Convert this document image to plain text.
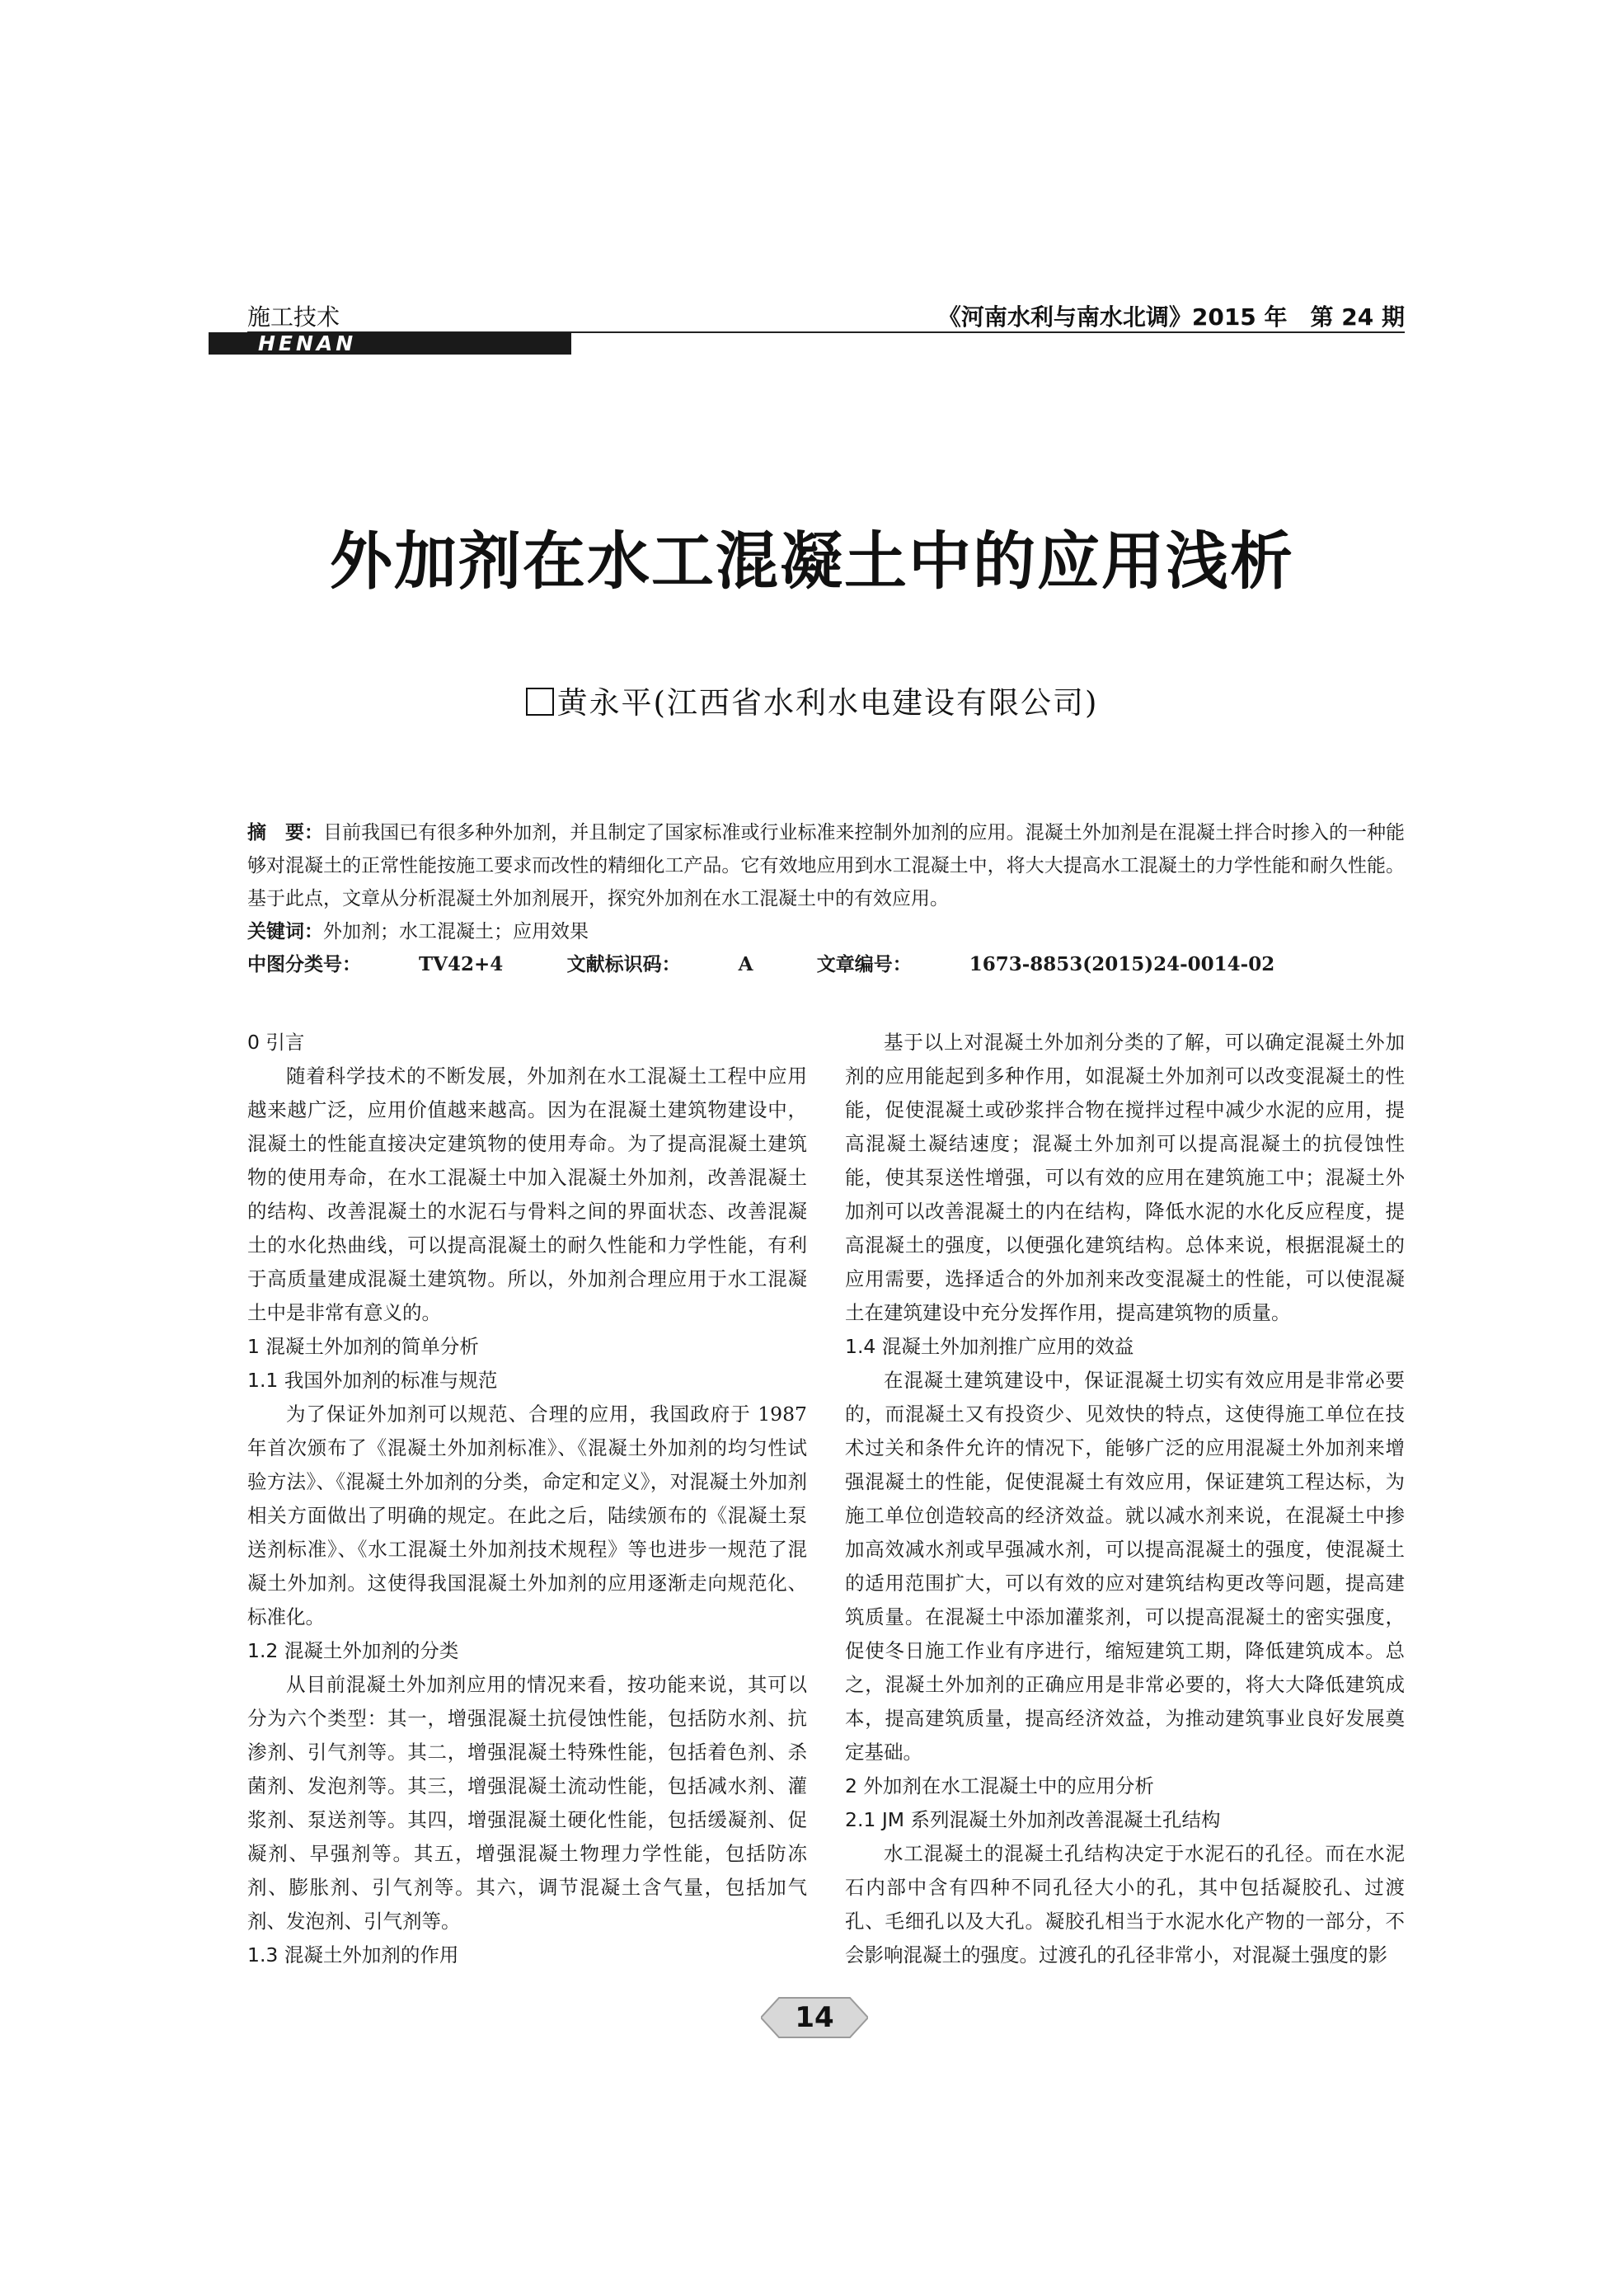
施工技术	《河南水利与南水北调》2015 年　第 24 期
HENAN
外加剂在水工混凝土中的应用浅析
黄永平(江西省水利水电建设有限公司)

摘　要：目前我国已有很多种外加剂，并且制定了国家标准或行业标准来控制外加剂的应用。混凝土外加剂是在混凝土拌合时掺入的一种能够对混凝土的正常性能按施工要求而改性的精细化工产品。它有效地应用到水工混凝土中，将大大提高水工混凝土的力学性能和耐久性能。基于此点，文章从分析混凝土外加剂展开，探究外加剂在水工混凝土中的有效应用。

关键词：外加剂；水工混凝土；应用效果

中图分类号：	TV42+4	文献标识码：	A	文章编号：	1673-8853(2015)24-0014-02

0 引言

随着科学技术的不断发展，外加剂在水工混凝土工程中应用越来越广泛，应用价值越来越高。因为在混凝土建筑物建设中，混凝土的性能直接决定建筑物的使用寿命。为了提高混凝土建筑物的使用寿命，在水工混凝土中加入混凝土外加剂，改善混凝土的结构、改善混凝土的水泥石与骨料之间的界面状态、改善混凝土的水化热曲线，可以提高混凝土的耐久性能和力学性能，有利于高质量建成混凝土建筑物。所以，外加剂合理应用于水工混凝土中是非常有意义的。

1 混凝土外加剂的简单分析
1.1 我国外加剂的标准与规范

为了保证外加剂可以规范、合理的应用，我国政府于 1987 年首次颁布了《混凝土外加剂标准》、《混凝土外加剂的均匀性试验方法》、《混凝土外加剂的分类，命定和定义》，对混凝土外加剂相关方面做出了明确的规定。在此之后，陆续颁布的《混凝土泵送剂标准》、《水工混凝土外加剂技术规程》等也进步一规范了混凝土外加剂。这使得我国混凝土外加剂的应用逐渐走向规范化、标准化。

1.2 混凝土外加剂的分类

从目前混凝土外加剂应用的情况来看，按功能来说，其可以分为六个类型：其一，增强混凝土抗侵蚀性能，包括防水剂、抗渗剂、引气剂等。其二，增强混凝土特殊性能，包括着色剂、杀菌剂、发泡剂等。其三，增强混凝土流动性能，包括减水剂、灌浆剂、泵送剂等。其四，增强混凝土硬化性能，包括缓凝剂、促凝剂、早强剂等。其五，增强混凝土物理力学性能，包括防冻剂、膨胀剂、引气剂等。其六，调节混凝土含气量，包括加气剂、发泡剂、引气剂等。

1.3 混凝土外加剂的作用

基于以上对混凝土外加剂分类的了解，可以确定混凝土外加剂的应用能起到多种作用，如混凝土外加剂可以改变混凝土的性能，促使混凝土或砂浆拌合物在搅拌过程中减少水泥的应用，提高混凝土凝结速度；混凝土外加剂可以提高混凝土的抗侵蚀性能，使其泵送性增强，可以有效的应用在建筑施工中；混凝土外加剂可以改善混凝土的内在结构，降低水泥的水化反应程度，提高混凝土的强度，以便强化建筑结构。总体来说，根据混凝土的应用需要，选择适合的外加剂来改变混凝土的性能，可以使混凝土在建筑建设中充分发挥作用，提高建筑物的质量。

1.4 混凝土外加剂推广应用的效益

在混凝土建筑建设中，保证混凝土切实有效应用是非常必要的，而混凝土又有投资少、见效快的特点，这使得施工单位在技术过关和条件允许的情况下，能够广泛的应用混凝土外加剂来增强混凝土的性能，促使混凝土有效应用，保证建筑工程达标，为施工单位创造较高的经济效益。就以减水剂来说，在混凝土中掺加高效减水剂或早强减水剂，可以提高混凝土的强度，使混凝土的适用范围扩大，可以有效的应对建筑结构更改等问题，提高建筑质量。在混凝土中添加灌浆剂，可以提高混凝土的密实强度，促使冬日施工作业有序进行，缩短建筑工期，降低建筑成本。总之，混凝土外加剂的正确应用是非常必要的，将大大降低建筑成本，提高建筑质量，提高经济效益，为推动建筑事业良好发展奠定基础。

2 外加剂在水工混凝土中的应用分析
2.1 JM 系列混凝土外加剂改善混凝土孔结构

水工混凝土的混凝土孔结构决定于水泥石的孔径。而在水泥石内部中含有四种不同孔径大小的孔，其中包括凝胶孔、过渡孔、毛细孔以及大孔。凝胶孔相当于水泥水化产物的一部分，不会影响混凝土的强度。过渡孔的孔径非常小，对混凝土强度的影

14
